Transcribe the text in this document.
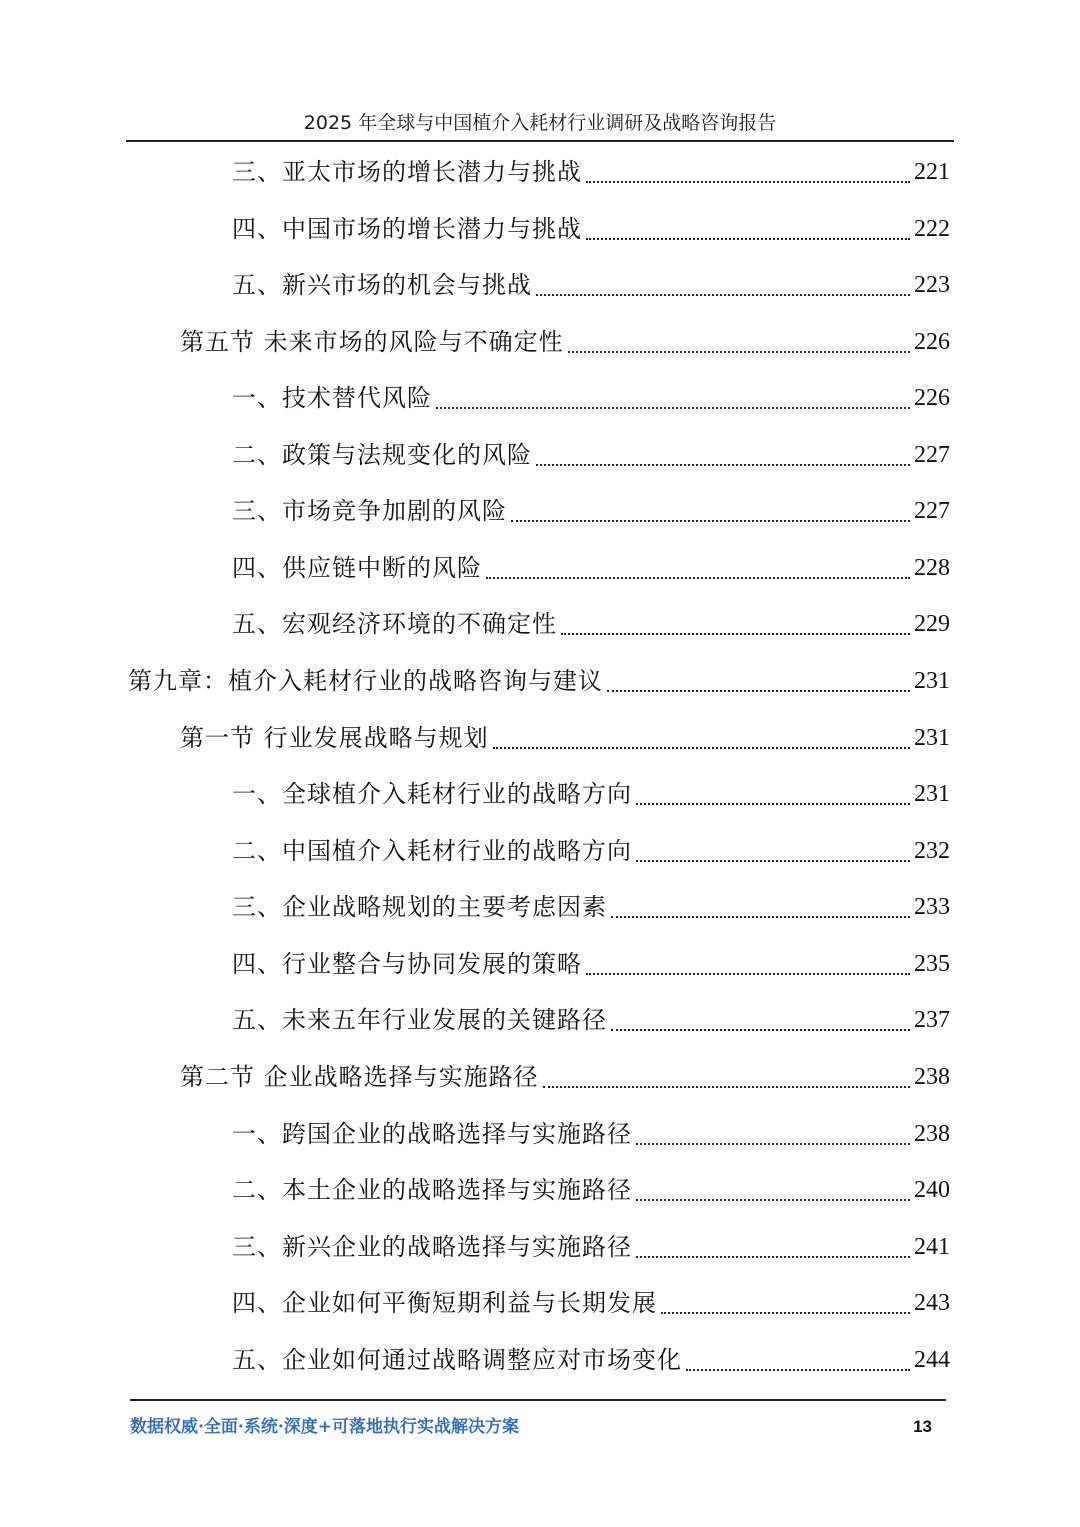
2025 年全球与中国植介入耗材行业调研及战略咨询报告
三、亚太市场的增长潜力与挑战	221
四、中国市场的增长潜力与挑战	222
五、新兴市场的机会与挑战	223
第五节 未来市场的风险与不确定性	226
一、技术替代风险	226
二、政策与法规变化的风险	227
三、市场竞争加剧的风险	227
四、供应链中断的风险	228
五、宏观经济环境的不确定性	229
第九章：植介入耗材行业的战略咨询与建议	231
第一节 行业发展战略与规划	231
一、全球植介入耗材行业的战略方向	231
二、中国植介入耗材行业的战略方向	232
三、企业战略规划的主要考虑因素	233
四、行业整合与协同发展的策略	235
五、未来五年行业发展的关键路径	237
第二节 企业战略选择与实施路径	238
一、跨国企业的战略选择与实施路径	238
二、本土企业的战略选择与实施路径	240
三、新兴企业的战略选择与实施路径	241
四、企业如何平衡短期利益与长期发展	243
五、企业如何通过战略调整应对市场变化	244
数据权威·全面·系统·深度+可落地执行实战解决方案	13
